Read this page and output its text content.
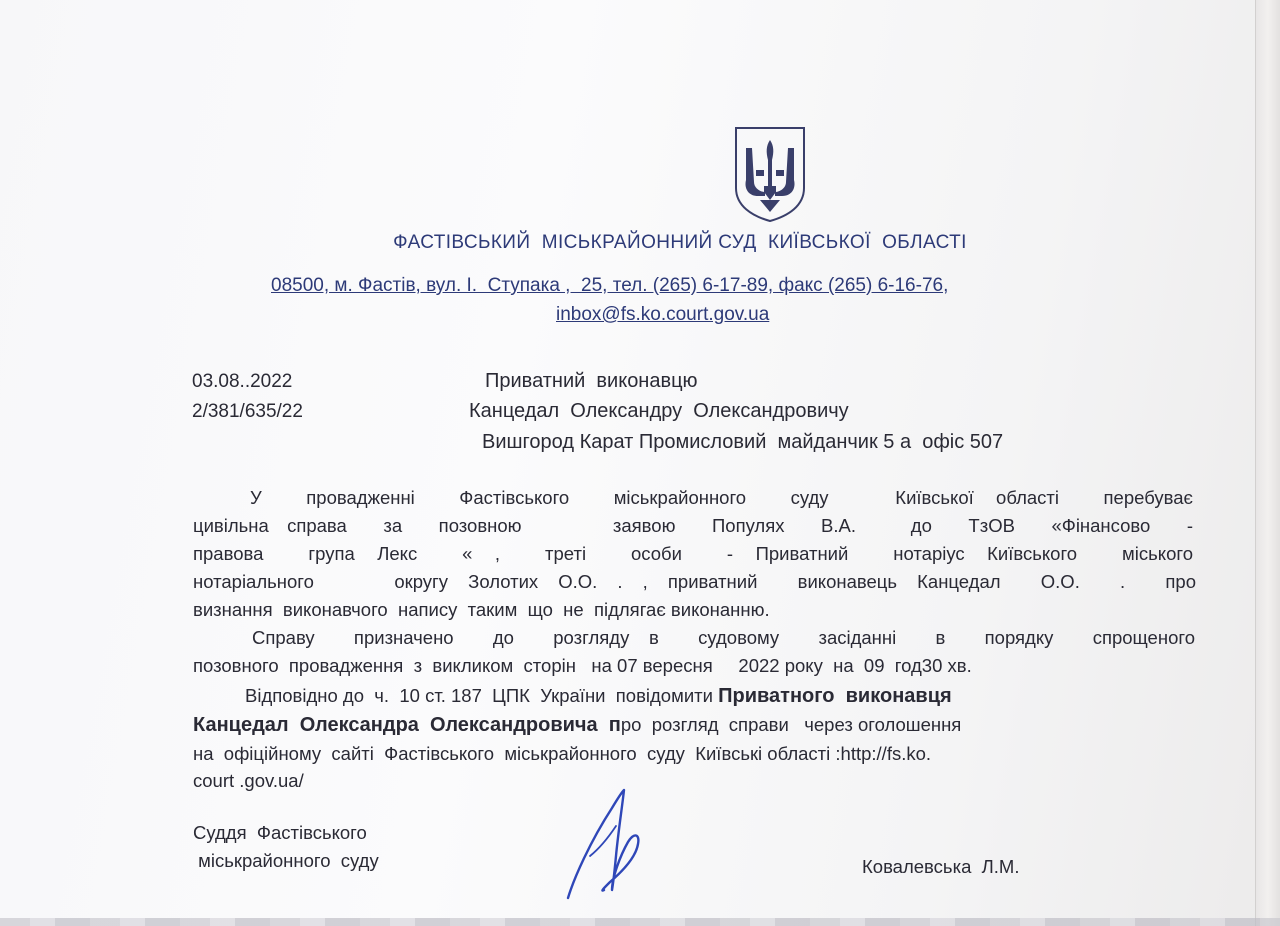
ФАСТІВСЬКИЙ  МІСЬКРАЙОННИЙ СУД  КИЇВСЬКОЇ  ОБЛАСТІ
08500, м. Фастів, вул. І.  Ступака ,  25, тел. (265) 6-17-89, факс (265) 6-16-76,
inbox@fs.ko.court.gov.ua
03.08..2022
2/381/635/22
Приватний  виконавцю
Канцедал  Олександру  Олександровичу
Вишгород Карат Промисловий  майданчик 5 а  офіс 507
У  провадженні  Фастівського  міськрайонного  суду   Київської області  перебуває
цивільна справа  за  позовною     заявою  Популях  В.А.   до  ТзОВ  «Фінансово  -
правова  група Лекс  « ,  треті  особи  - Приватний  нотаріус Київського  міського
нотаріального    округу Золотих О.О. . , приватний  виконавець Канцедал  О.О.  .  про
визнання  виконавчого  напису  таким  що  не  підлягає виконанню.
Справу  призначено  до  розгляду в  судовому  засіданні  в  порядку  спрощеного
позовного  провадження  з  викликом  сторін   на 07 вересня     2022 року  на  09  год30 хв.
Відповідно до  ч.  10 ст. 187  ЦПК  України  повідомити Приватного  виконавця
Канцедал  Олександра  Олександровича  про  розгляд  справи   через оголошення
на  офіційному  сайті  Фастівського  міськрайонного  суду  Київські області :http://fs.ko.
court .gov.ua/
Суддя  Фастівського
міськрайонного  суду	Ковалевська  Л.М.
